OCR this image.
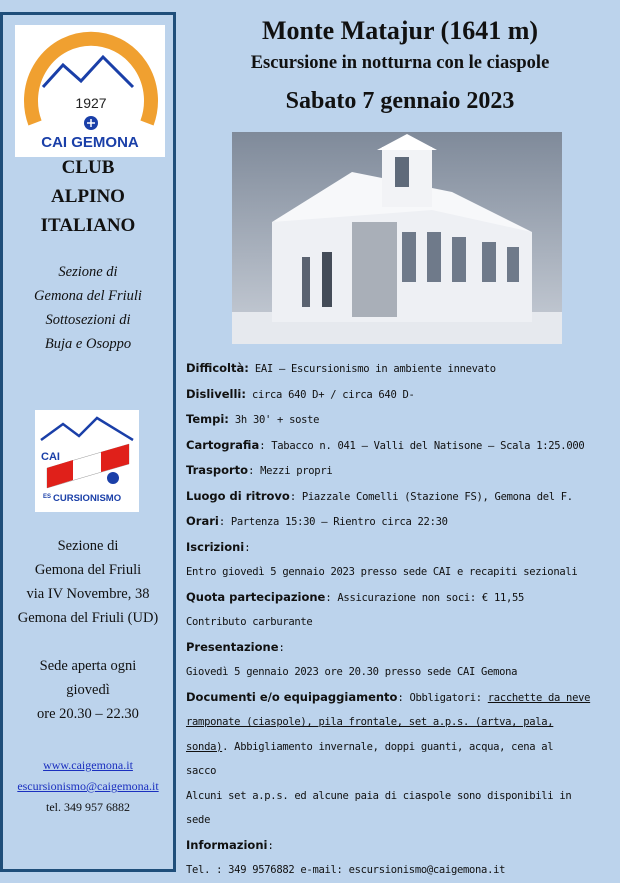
1927
CAI GEMONA
CLUB
ALPINO
ITALIANO
Sezione di
Gemona del Friuli
Sottosezioni di
Buja e Osoppo
CAI
ES CURSIONISMO
Sezione di
Gemona del Friuli
via IV Novembre, 38
Gemona del Friuli (UD)
Sede aperta ogni
giovedì
ore 20.30 – 22.30
www.caigemona.it
escursionismo@caigemona.it
tel. 349 957 6882
Monte Matajur (1641 m)
Escursione in notturna con le ciaspole
Sabato 7 gennaio 2023
Difficoltà: EAI – Escursionismo in ambiente innevato
Dislivelli: circa 640 D+ / circa 640 D-
Tempi: 3h 30' + soste
Cartografia: Tabacco n. 041 – Valli del Natisone – Scala 1:25.000
Trasporto: Mezzi propri
Luogo di ritrovo: Piazzale Comelli (Stazione FS), Gemona del F.
Orari: Partenza 15:30 – Rientro circa 22:30
Iscrizioni:
Entro giovedì 5 gennaio 2023 presso sede CAI e recapiti sezionali
Quota partecipazione: Assicurazione non soci: € 11,55
Contributo carburante
Presentazione:
Giovedì 5 gennaio 2023 ore 20.30 presso sede CAI Gemona
Documenti e/o equipaggiamento: Obbligatori: racchette da neve
ramponate (ciaspole), pila frontale, set a.p.s. (artva, pala,
sonda). Abbigliamento invernale, doppi guanti, acqua, cena al
sacco
Alcuni set a.p.s. ed alcune paia di ciaspole sono disponibili in
sede
Informazioni:
Tel. : 349 9576882 e-mail: escursionismo@caigemona.it
